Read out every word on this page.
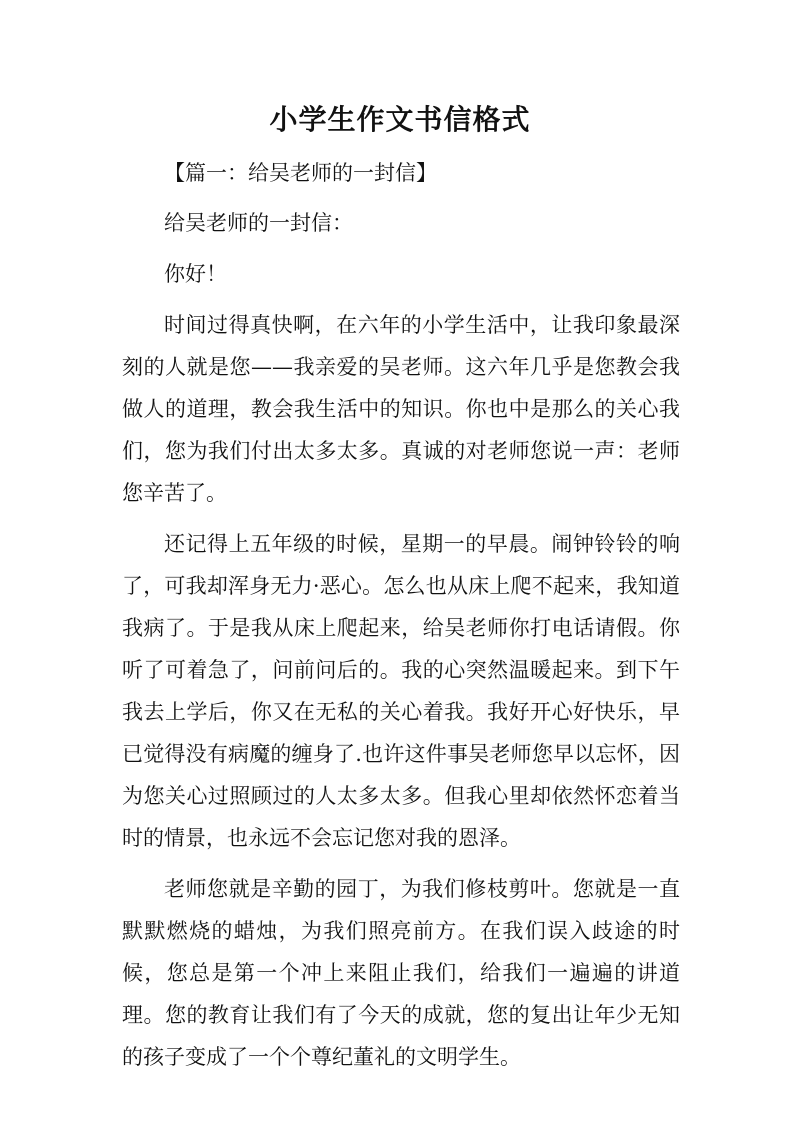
小学生作文书信格式

【篇一：给吴老师的一封信】

给吴老师的一封信：

你好！

时间过得真快啊，在六年的小学生活中，让我印象最深刻的人就是您——我亲爱的吴老师。这六年几乎是您教会我做人的道理，教会我生活中的知识。你也中是那么的关心我们，您为我们付出太多太多。真诚的对老师您说一声：老师您辛苦了。

还记得上五年级的时候，星期一的早晨。闹钟铃铃的响了，可我却浑身无力·恶心。怎么也从床上爬不起来，我知道我病了。于是我从床上爬起来，给吴老师你打电话请假。你听了可着急了，问前问后的。我的心突然温暖起来。到下午我去上学后，你又在无私的关心着我。我好开心好快乐，早已觉得没有病魔的缠身了.也许这件事吴老师您早以忘怀，因为您关心过照顾过的人太多太多。但我心里却依然怀恋着当时的情景，也永远不会忘记您对我的恩泽。

老师您就是辛勤的园丁，为我们修枝剪叶。您就是一直默默燃烧的蜡烛，为我们照亮前方。在我们误入歧途的时候，您总是第一个冲上来阻止我们，给我们一遍遍的讲道理。您的教育让我们有了今天的成就，您的复出让年少无知的孩子变成了一个个尊纪董礼的文明学生。
